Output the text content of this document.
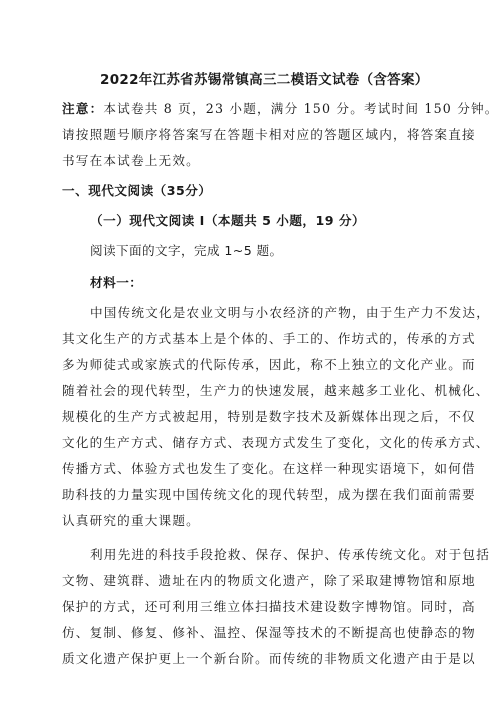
2022年江苏省苏锡常镇高三二模语文试卷（含答案）
注意：本试卷共 8 页，23 小题，满分 150 分。考试时间 150 分钟。
请按照题号顺序将答案写在答题卡相对应的答题区域内，将答案直接
书写在本试卷上无效。
一、现代文阅读（35分）
（一）现代文阅读 I（本题共 5 小题，19 分）
阅读下面的文字，完成 1~5 题。
材料一：
中国传统文化是农业文明与小农经济的产物，由于生产力不发达，
其文化生产的方式基本上是个体的、手工的、作坊式的，传承的方式
多为师徒式或家族式的代际传承，因此，称不上独立的文化产业。而
随着社会的现代转型，生产力的快速发展，越来越多工业化、机械化、
规模化的生产方式被起用，特别是数字技术及新媒体出现之后，不仅
文化的生产方式、储存方式、表现方式发生了变化，文化的传承方式、
传播方式、体验方式也发生了变化。在这样一种现实语境下，如何借
助科技的力量实现中国传统文化的现代转型，成为摆在我们面前需要
认真研究的重大课题。
利用先进的科技手段抢救、保存、保护、传承传统文化。对于包括
文物、建筑群、遗址在内的物质文化遗产，除了采取建博物馆和原地
保护的方式，还可利用三维立体扫描技术建设数字博物馆。同时，高
仿、复制、修复、修补、温控、保湿等技术的不断提高也使静态的物
质文化遗产保护更上一个新台阶。而传统的非物质文化遗产由于是以
